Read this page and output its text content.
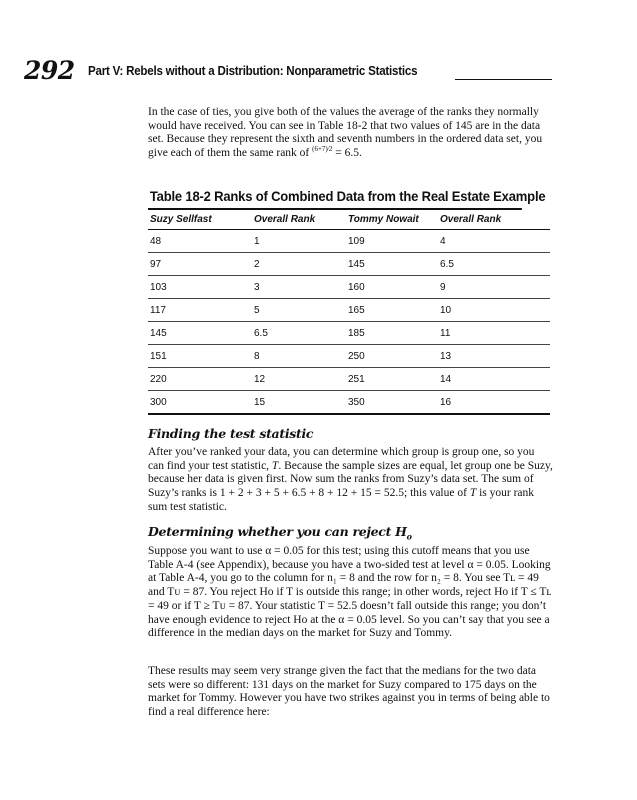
292 Part V: Rebels without a Distribution: Nonparametric Statistics

In the case of ties, you give both of the values the average of the ranks they normally would have received. You can see in Table 18-2 that two values of 145 are in the data set. Because they represent the sixth and seventh numbers in the ordered data set, you give each of them the same rank of $^{(6+7)⁄2}$ = 6.5.

Table 18-2 Ranks of Combined Data from the Real Estate Example
Suzy Sellfast	Overall Rank	Tommy Nowait	Overall Rank
48	1	109	4
97	2	145	6.5
103	3	160	9
117	5	165	10
145	6.5	185	11
151	8	250	13
220	12	251	14
300	15	350	16
Finding the test statistic

After you’ve ranked your data, you can determine which group is group one, so you can find your test statistic, T. Because the sample sizes are equal, let group one be Suzy, because her data is given first. Now sum the ranks from Suzy’s data set. The sum of Suzy’s ranks is 1 + 2 + 3 + 5 + 6.5 + 8 + 12 + 15 = 52.5; this value of T is your rank sum test statistic.

Determining whether you can reject $H_o$

Suppose you want to use α = 0.05 for this test; using this cutoff means that you use Table A-4 (see Appendix), because you have a two-sided test at level α = 0.05. Looking at Table A-4, you go to the column for n₁ = 8 and the row for n₂ = 8. You see Tʟ = 49 and Tᴜ = 87. You reject Ho if T is outside this range; in other words, reject Ho if T ≤ Tʟ = 49 or if T ≥ Tᴜ = 87. Your statistic T = 52.5 doesn’t fall outside this range; you don’t have enough evidence to reject Ho at the α = 0.05 level. So you can’t say that you see a difference in the median days on the market for Suzy and Tommy.

These results may seem very strange given the fact that the medians for the two data sets were so different: 131 days on the market for Suzy compared to 175 days on the market for Tommy. However you have two strikes against you in terms of being able to find a real difference here:
